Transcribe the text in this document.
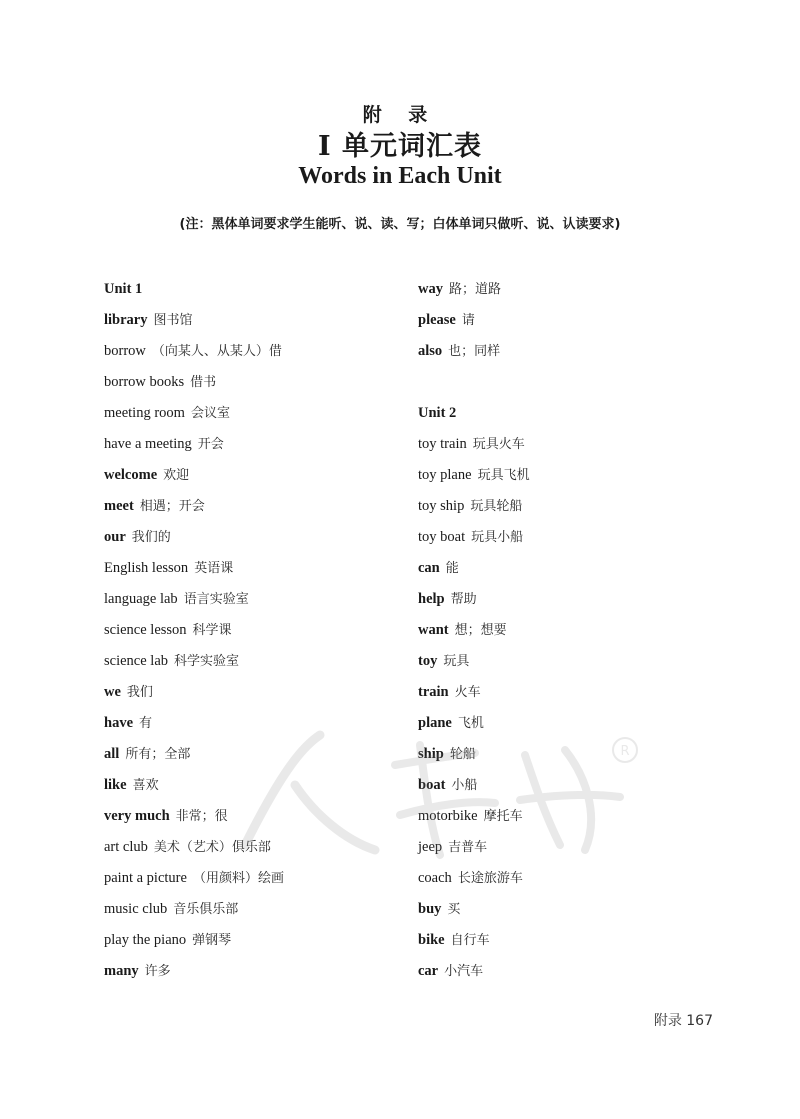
附 录
I 单元词汇表
Words in Each Unit
(注：黑体单词要求学生能听、说、读、写；白体单词只做听、说、认读要求)
Unit 1
library 图书馆
borrow （向某人、从某人）借
borrow books 借书
meeting room 会议室
have a meeting 开会
welcome 欢迎
meet 相遇；开会
our 我们的
English lesson 英语课
language lab 语言实验室
science lesson 科学课
science lab 科学实验室
we 我们
have 有
all 所有；全部
like 喜欢
very much 非常；很
art club 美术（艺术）俱乐部
paint a picture （用颜料）绘画
music club 音乐俱乐部
play the piano 弹钢琴
many 许多
way 路；道路
please 请
also 也；同样
Unit 2
toy train 玩具火车
toy plane 玩具飞机
toy ship 玩具轮船
toy boat 玩具小船
can 能
help 帮助
want 想；想要
toy 玩具
train 火车
plane 飞机
ship 轮船
boat 小船
motorbike 摩托车
jeep 吉普车
coach 长途旅游车
buy 买
bike 自行车
car 小汽车
R
附录 167
